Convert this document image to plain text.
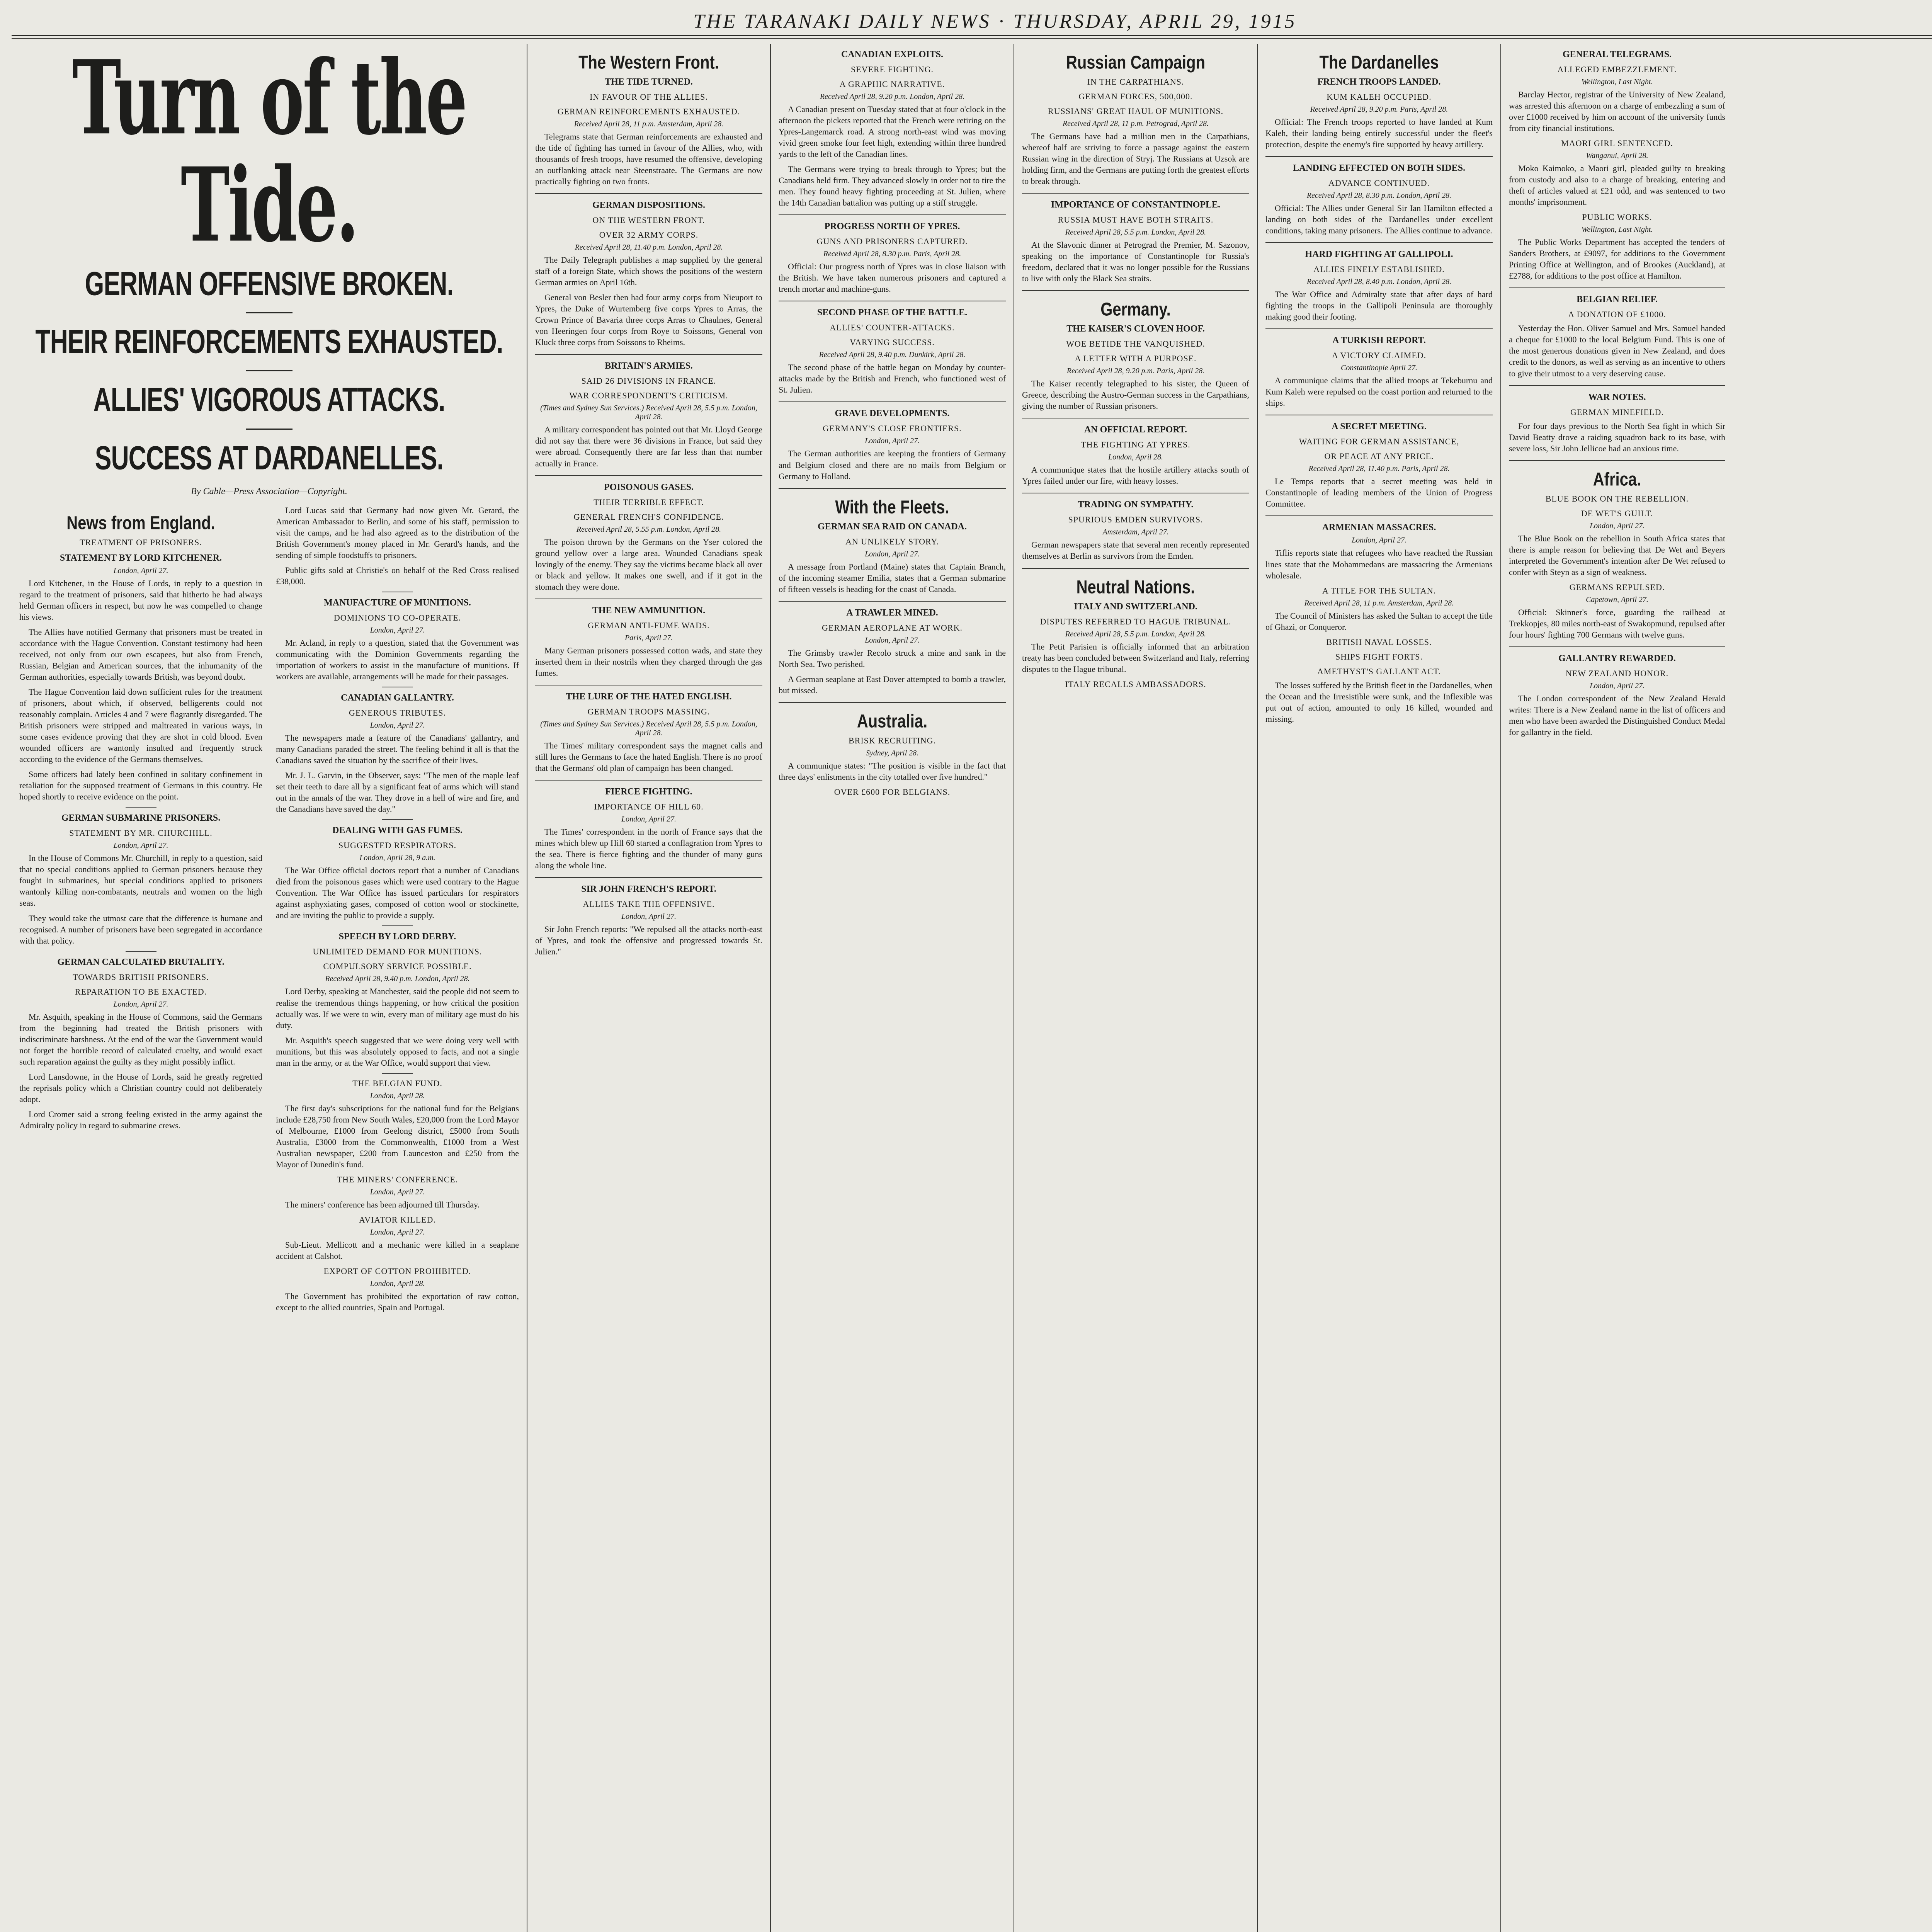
THE TARANAKI DAILY NEWS · THURSDAY, APRIL 29, 1915
Turn of the Tide.
GERMAN OFFENSIVE BROKEN.
THEIR REINFORCEMENTS EXHAUSTED.
ALLIES' VIGOROUS ATTACKS.
SUCCESS AT DARDANELLES.
By Cable—Press Association—Copyright.
News from England.
TREATMENT OF PRISONERS.
STATEMENT BY LORD KITCHENER.
London, April 27.

Lord Kitchener, in the House of Lords, in reply to a question in regard to the treatment of prisoners, said that hitherto he had always held German officers in respect, but now he was compelled to change his views.

The Allies have notified Germany that prisoners must be treated in accordance with the Hague Convention. Constant testimony had been received, not only from our own escapees, but also from French, Russian, Belgian and American sources, that the inhumanity of the German authorities, especially towards British, was beyond doubt.

The Hague Convention laid down sufficient rules for the treatment of prisoners, about which, if observed, belligerents could not reasonably complain. Articles 4 and 7 were flagrantly disregarded. The British prisoners were stripped and maltreated in various ways, in some cases evidence proving that they are shot in cold blood. Even wounded officers are wantonly insulted and frequently struck according to the evidence of the Germans themselves.

Some officers had lately been confined in solitary confinement in retaliation for the supposed treatment of Germans in this country. He hoped shortly to receive evidence on the point.

GERMAN SUBMARINE PRISONERS.
STATEMENT BY MR. CHURCHILL.
London, April 27.

In the House of Commons Mr. Churchill, in reply to a question, said that no special conditions applied to German prisoners because they fought in submarines, but special conditions applied to prisoners wantonly killing non-combatants, neutrals and women on the high seas.

They would take the utmost care that the difference is humane and recognised. A number of prisoners have been segregated in accordance with that policy.

GERMAN CALCULATED BRUTALITY.
TOWARDS BRITISH PRISONERS.
REPARATION TO BE EXACTED.
London, April 27.

Mr. Asquith, speaking in the House of Commons, said the Germans from the beginning had treated the British prisoners with indiscriminate harshness. At the end of the war the Government would not forget the horrible record of calculated cruelty, and would exact such reparation against the guilty as they might possibly inflict.

Lord Lansdowne, in the House of Lords, said he greatly regretted the reprisals policy which a Christian country could not deliberately adopt.

Lord Cromer said a strong feeling existed in the army against the Admiralty policy in regard to submarine crews.

Lord Lucas said that Germany had now given Mr. Gerard, the American Ambassador to Berlin, and some of his staff, permission to visit the camps, and he had also agreed as to the distribution of the British Government's money placed in Mr. Gerard's hands, and the sending of simple foodstuffs to prisoners.

Public gifts sold at Christie's on behalf of the Red Cross realised £38,000.

MANUFACTURE OF MUNITIONS.
DOMINIONS TO CO-OPERATE.
London, April 27.

Mr. Acland, in reply to a question, stated that the Government was communicating with the Dominion Governments regarding the importation of workers to assist in the manufacture of munitions. If workers are available, arrangements will be made for their passages.

CANADIAN GALLANTRY.
GENEROUS TRIBUTES.
London, April 27.

The newspapers made a feature of the Canadians' gallantry, and many Canadians paraded the street. The feeling behind it all is that the Canadians saved the situation by the sacrifice of their lives.

Mr. J. L. Garvin, in the Observer, says: "The men of the maple leaf set their teeth to dare all by a significant feat of arms which will stand out in the annals of the war. They drove in a hell of wire and fire, and the Canadians have saved the day."

DEALING WITH GAS FUMES.
SUGGESTED RESPIRATORS.
London, April 28, 9 a.m.

The War Office official doctors report that a number of Canadians died from the poisonous gases which were used contrary to the Hague Convention. The War Office has issued particulars for respirators against asphyxiating gases, composed of cotton wool or stockinette, and are inviting the public to provide a supply.

SPEECH BY LORD DERBY.
UNLIMITED DEMAND FOR MUNITIONS.
COMPULSORY SERVICE POSSIBLE.
Received April 28, 9.40 p.m. London, April 28.

Lord Derby, speaking at Manchester, said the people did not seem to realise the tremendous things happening, or how critical the position actually was. If we were to win, every man of military age must do his duty.

Mr. Asquith's speech suggested that we were doing very well with munitions, but this was absolutely opposed to facts, and not a single man in the army, or at the War Office, would support that view.

THE BELGIAN FUND.
London, April 28.

The first day's subscriptions for the national fund for the Belgians include £28,750 from New South Wales, £20,000 from the Lord Mayor of Melbourne, £1000 from Geelong district, £5000 from South Australia, £3000 from the Commonwealth, £1000 from a West Australian newspaper, £200 from Launceston and £250 from the Mayor of Dunedin's fund.

THE MINERS' CONFERENCE.
London, April 27.

The miners' conference has been adjourned till Thursday.

AVIATOR KILLED.
London, April 27.

Sub-Lieut. Mellicott and a mechanic were killed in a seaplane accident at Calshot.

EXPORT OF COTTON PROHIBITED.
London, April 28.

The Government has prohibited the exportation of raw cotton, except to the allied countries, Spain and Portugal.

The Western Front.
THE TIDE TURNED.
IN FAVOUR OF THE ALLIES.
GERMAN REINFORCEMENTS EXHAUSTED.
Received April 28, 11 p.m. Amsterdam, April 28.

Telegrams state that German reinforcements are exhausted and the tide of fighting has turned in favour of the Allies, who, with thousands of fresh troops, have resumed the offensive, developing an outflanking attack near Steenstraate. The Germans are now practically fighting on two fronts.

GERMAN DISPOSITIONS.
ON THE WESTERN FRONT.
OVER 32 ARMY CORPS.
Received April 28, 11.40 p.m. London, April 28.

The Daily Telegraph publishes a map supplied by the general staff of a foreign State, which shows the positions of the western German armies on April 16th.

General von Besler then had four army corps from Nieuport to Ypres, the Duke of Wurtemberg five corps Ypres to Arras, the Crown Prince of Bavaria three corps Arras to Chaulnes, General von Heeringen four corps from Roye to Soissons, General von Kluck three corps from Soissons to Rheims.

BRITAIN'S ARMIES.
SAID 26 DIVISIONS IN FRANCE.
WAR CORRESPONDENT'S CRITICISM.
(Times and Sydney Sun Services.) Received April 28, 5.5 p.m. London, April 28.

A military correspondent has pointed out that Mr. Lloyd George did not say that there were 36 divisions in France, but said they were abroad. Consequently there are far less than that number actually in France.

POISONOUS GASES.
THEIR TERRIBLE EFFECT.
GENERAL FRENCH'S CONFIDENCE.
Received April 28, 5.55 p.m. London, April 28.

The poison thrown by the Germans on the Yser colored the ground yellow over a large area. Wounded Canadians speak lovingly of the enemy. They say the victims became black all over or black and yellow. It makes one swell, and if it got in the stomach they were done.

THE NEW AMMUNITION.
GERMAN ANTI-FUME WADS.
Paris, April 27.

Many German prisoners possessed cotton wads, and state they inserted them in their nostrils when they charged through the gas fumes.

THE LURE OF THE HATED ENGLISH.
GERMAN TROOPS MASSING.
(Times and Sydney Sun Services.) Received April 28, 5.5 p.m. London, April 28.

The Times' military correspondent says the magnet calls and still lures the Germans to face the hated English. There is no proof that the Germans' old plan of campaign has been changed.

FIERCE FIGHTING.
IMPORTANCE OF HILL 60.
London, April 27.

The Times' correspondent in the north of France says that the mines which blew up Hill 60 started a conflagration from Ypres to the sea. There is fierce fighting and the thunder of many guns along the whole line.

SIR JOHN FRENCH'S REPORT.
ALLIES TAKE THE OFFENSIVE.
London, April 27.

Sir John French reports: "We repulsed all the attacks north-east of Ypres, and took the offensive and progressed towards St. Julien."

CANADIAN EXPLOITS.
SEVERE FIGHTING.
A GRAPHIC NARRATIVE.
Received April 28, 9.20 p.m. London, April 28.

A Canadian present on Tuesday stated that at four o'clock in the afternoon the pickets reported that the French were retiring on the Ypres-Langemarck road. A strong north-east wind was moving vivid green smoke four feet high, extending within three hundred yards to the left of the Canadian lines.

The Germans were trying to break through to Ypres; but the Canadians held firm. They advanced slowly in order not to tire the men. They found heavy fighting proceeding at St. Julien, where the 14th Canadian battalion was putting up a stiff struggle.

PROGRESS NORTH OF YPRES.
GUNS AND PRISONERS CAPTURED.
Received April 28, 8.30 p.m. Paris, April 28.

Official: Our progress north of Ypres was in close liaison with the British. We have taken numerous prisoners and captured a trench mortar and machine-guns.

SECOND PHASE OF THE BATTLE.
ALLIES' COUNTER-ATTACKS.
VARYING SUCCESS.
Received April 28, 9.40 p.m. Dunkirk, April 28.

The second phase of the battle began on Monday by counter-attacks made by the British and French, who functioned west of St. Julien.

GRAVE DEVELOPMENTS.
GERMANY'S CLOSE FRONTIERS.
London, April 27.

The German authorities are keeping the frontiers of Germany and Belgium closed and there are no mails from Belgium or Germany to Holland.

With the Fleets.
GERMAN SEA RAID ON CANADA.
AN UNLIKELY STORY.
London, April 27.

A message from Portland (Maine) states that Captain Branch, of the incoming steamer Emilia, states that a German submarine of fifteen vessels is heading for the coast of Canada.

A TRAWLER MINED.
GERMAN AEROPLANE AT WORK.
London, April 27.

The Grimsby trawler Recolo struck a mine and sank in the North Sea. Two perished.

A German seaplane at East Dover attempted to bomb a trawler, but missed.

Australia.
BRISK RECRUITING.
Sydney, April 28.

A communique states: "The position is visible in the fact that three days' enlistments in the city totalled over five hundred."

OVER £600 FOR BELGIANS.
Russian Campaign
IN THE CARPATHIANS.
GERMAN FORCES, 500,000.
RUSSIANS' GREAT HAUL OF MUNITIONS.
Received April 28, 11 p.m. Petrograd, April 28.

The Germans have had a million men in the Carpathians, whereof half are striving to force a passage against the eastern Russian wing in the direction of Stryj. The Russians at Uzsok are holding firm, and the Germans are putting forth the greatest efforts to break through.

IMPORTANCE OF CONSTANTINOPLE.
RUSSIA MUST HAVE BOTH STRAITS.
Received April 28, 5.5 p.m. London, April 28.

At the Slavonic dinner at Petrograd the Premier, M. Sazonov, speaking on the importance of Constantinople for Russia's freedom, declared that it was no longer possible for the Russians to live with only the Black Sea straits.

Germany.
THE KAISER'S CLOVEN HOOF.
WOE BETIDE THE VANQUISHED.
A LETTER WITH A PURPOSE.
Received April 28, 9.20 p.m. Paris, April 28.

The Kaiser recently telegraphed to his sister, the Queen of Greece, describing the Austro-German success in the Carpathians, giving the number of Russian prisoners.

AN OFFICIAL REPORT.
THE FIGHTING AT YPRES.
London, April 28.

A communique states that the hostile artillery attacks south of Ypres failed under our fire, with heavy losses.

TRADING ON SYMPATHY.
SPURIOUS EMDEN SURVIVORS.
Amsterdam, April 27.

German newspapers state that several men recently represented themselves at Berlin as survivors from the Emden.

Neutral Nations.
ITALY AND SWITZERLAND.
DISPUTES REFERRED TO HAGUE TRIBUNAL.
Received April 28, 5.5 p.m. London, April 28.

The Petit Parisien is officially informed that an arbitration treaty has been concluded between Switzerland and Italy, referring disputes to the Hague tribunal.

ITALY RECALLS AMBASSADORS.
The Dardanelles
FRENCH TROOPS LANDED.
KUM KALEH OCCUPIED.
Received April 28, 9.20 p.m. Paris, April 28.

Official: The French troops reported to have landed at Kum Kaleh, their landing being entirely successful under the fleet's protection, despite the enemy's fire supported by heavy artillery.

LANDING EFFECTED ON BOTH SIDES.
ADVANCE CONTINUED.
Received April 28, 8.30 p.m. London, April 28.

Official: The Allies under General Sir Ian Hamilton effected a landing on both sides of the Dardanelles under excellent conditions, taking many prisoners. The Allies continue to advance.

HARD FIGHTING AT GALLIPOLI.
ALLIES FINELY ESTABLISHED.
Received April 28, 8.40 p.m. London, April 28.

The War Office and Admiralty state that after days of hard fighting the troops in the Gallipoli Peninsula are thoroughly making good their footing.

A TURKISH REPORT.
A VICTORY CLAIMED.
Constantinople April 27.

A communique claims that the allied troops at Tekeburnu and Kum Kaleh were repulsed on the coast portion and returned to the ships.

A SECRET MEETING.
WAITING FOR GERMAN ASSISTANCE,
OR PEACE AT ANY PRICE.
Received April 28, 11.40 p.m. Paris, April 28.

Le Temps reports that a secret meeting was held in Constantinople of leading members of the Union of Progress Committee.

ARMENIAN MASSACRES.
London, April 27.

Tiflis reports state that refugees who have reached the Russian lines state that the Mohammedans are massacring the Armenians wholesale.

A TITLE FOR THE SULTAN.
Received April 28, 11 p.m. Amsterdam, April 28.

The Council of Ministers has asked the Sultan to accept the title of Ghazi, or Conqueror.

BRITISH NAVAL LOSSES.
SHIPS FIGHT FORTS.
AMETHYST'S GALLANT ACT.

The losses suffered by the British fleet in the Dardanelles, when the Ocean and the Irresistible were sunk, and the Inflexible was put out of action, amounted to only 16 killed, wounded and missing.

GENERAL TELEGRAMS.
ALLEGED EMBEZZLEMENT.
Wellington, Last Night.

Barclay Hector, registrar of the University of New Zealand, was arrested this afternoon on a charge of embezzling a sum of over £1000 received by him on account of the university funds from city financial institutions.

MAORI GIRL SENTENCED.
Wanganui, April 28.

Moko Kaimoko, a Maori girl, pleaded guilty to breaking from custody and also to a charge of breaking, entering and theft of articles valued at £21 odd, and was sentenced to two months' imprisonment.

PUBLIC WORKS.
Wellington, Last Night.

The Public Works Department has accepted the tenders of Sanders Brothers, at £9097, for additions to the Government Printing Office at Wellington, and of Brookes (Auckland), at £2788, for additions to the post office at Hamilton.

BELGIAN RELIEF.
A DONATION OF £1000.

Yesterday the Hon. Oliver Samuel and Mrs. Samuel handed a cheque for £1000 to the local Belgium Fund. This is one of the most generous donations given in New Zealand, and does credit to the donors, as well as serving as an incentive to others to give their utmost to a very deserving cause.

WAR NOTES.
GERMAN MINEFIELD.

For four days previous to the North Sea fight in which Sir David Beatty drove a raiding squadron back to its base, with severe loss, Sir John Jellicoe had an anxious time.

Africa.
BLUE BOOK ON THE REBELLION.
DE WET'S GUILT.
London, April 27.

The Blue Book on the rebellion in South Africa states that there is ample reason for believing that De Wet and Beyers interpreted the Government's intention after De Wet refused to confer with Steyn as a sign of weakness.

GERMANS REPULSED.
Capetown, April 27.

Official: Skinner's force, guarding the railhead at Trekkopjes, 80 miles north-east of Swakopmund, repulsed after four hours' fighting 700 Germans with twelve guns.

GALLANTRY REWARDED.
NEW ZEALAND HONOR.
London, April 27.

The London correspondent of the New Zealand Herald writes: There is a New Zealand name in the list of officers and men who have been awarded the Distinguished Conduct Medal for gallantry in the field.
